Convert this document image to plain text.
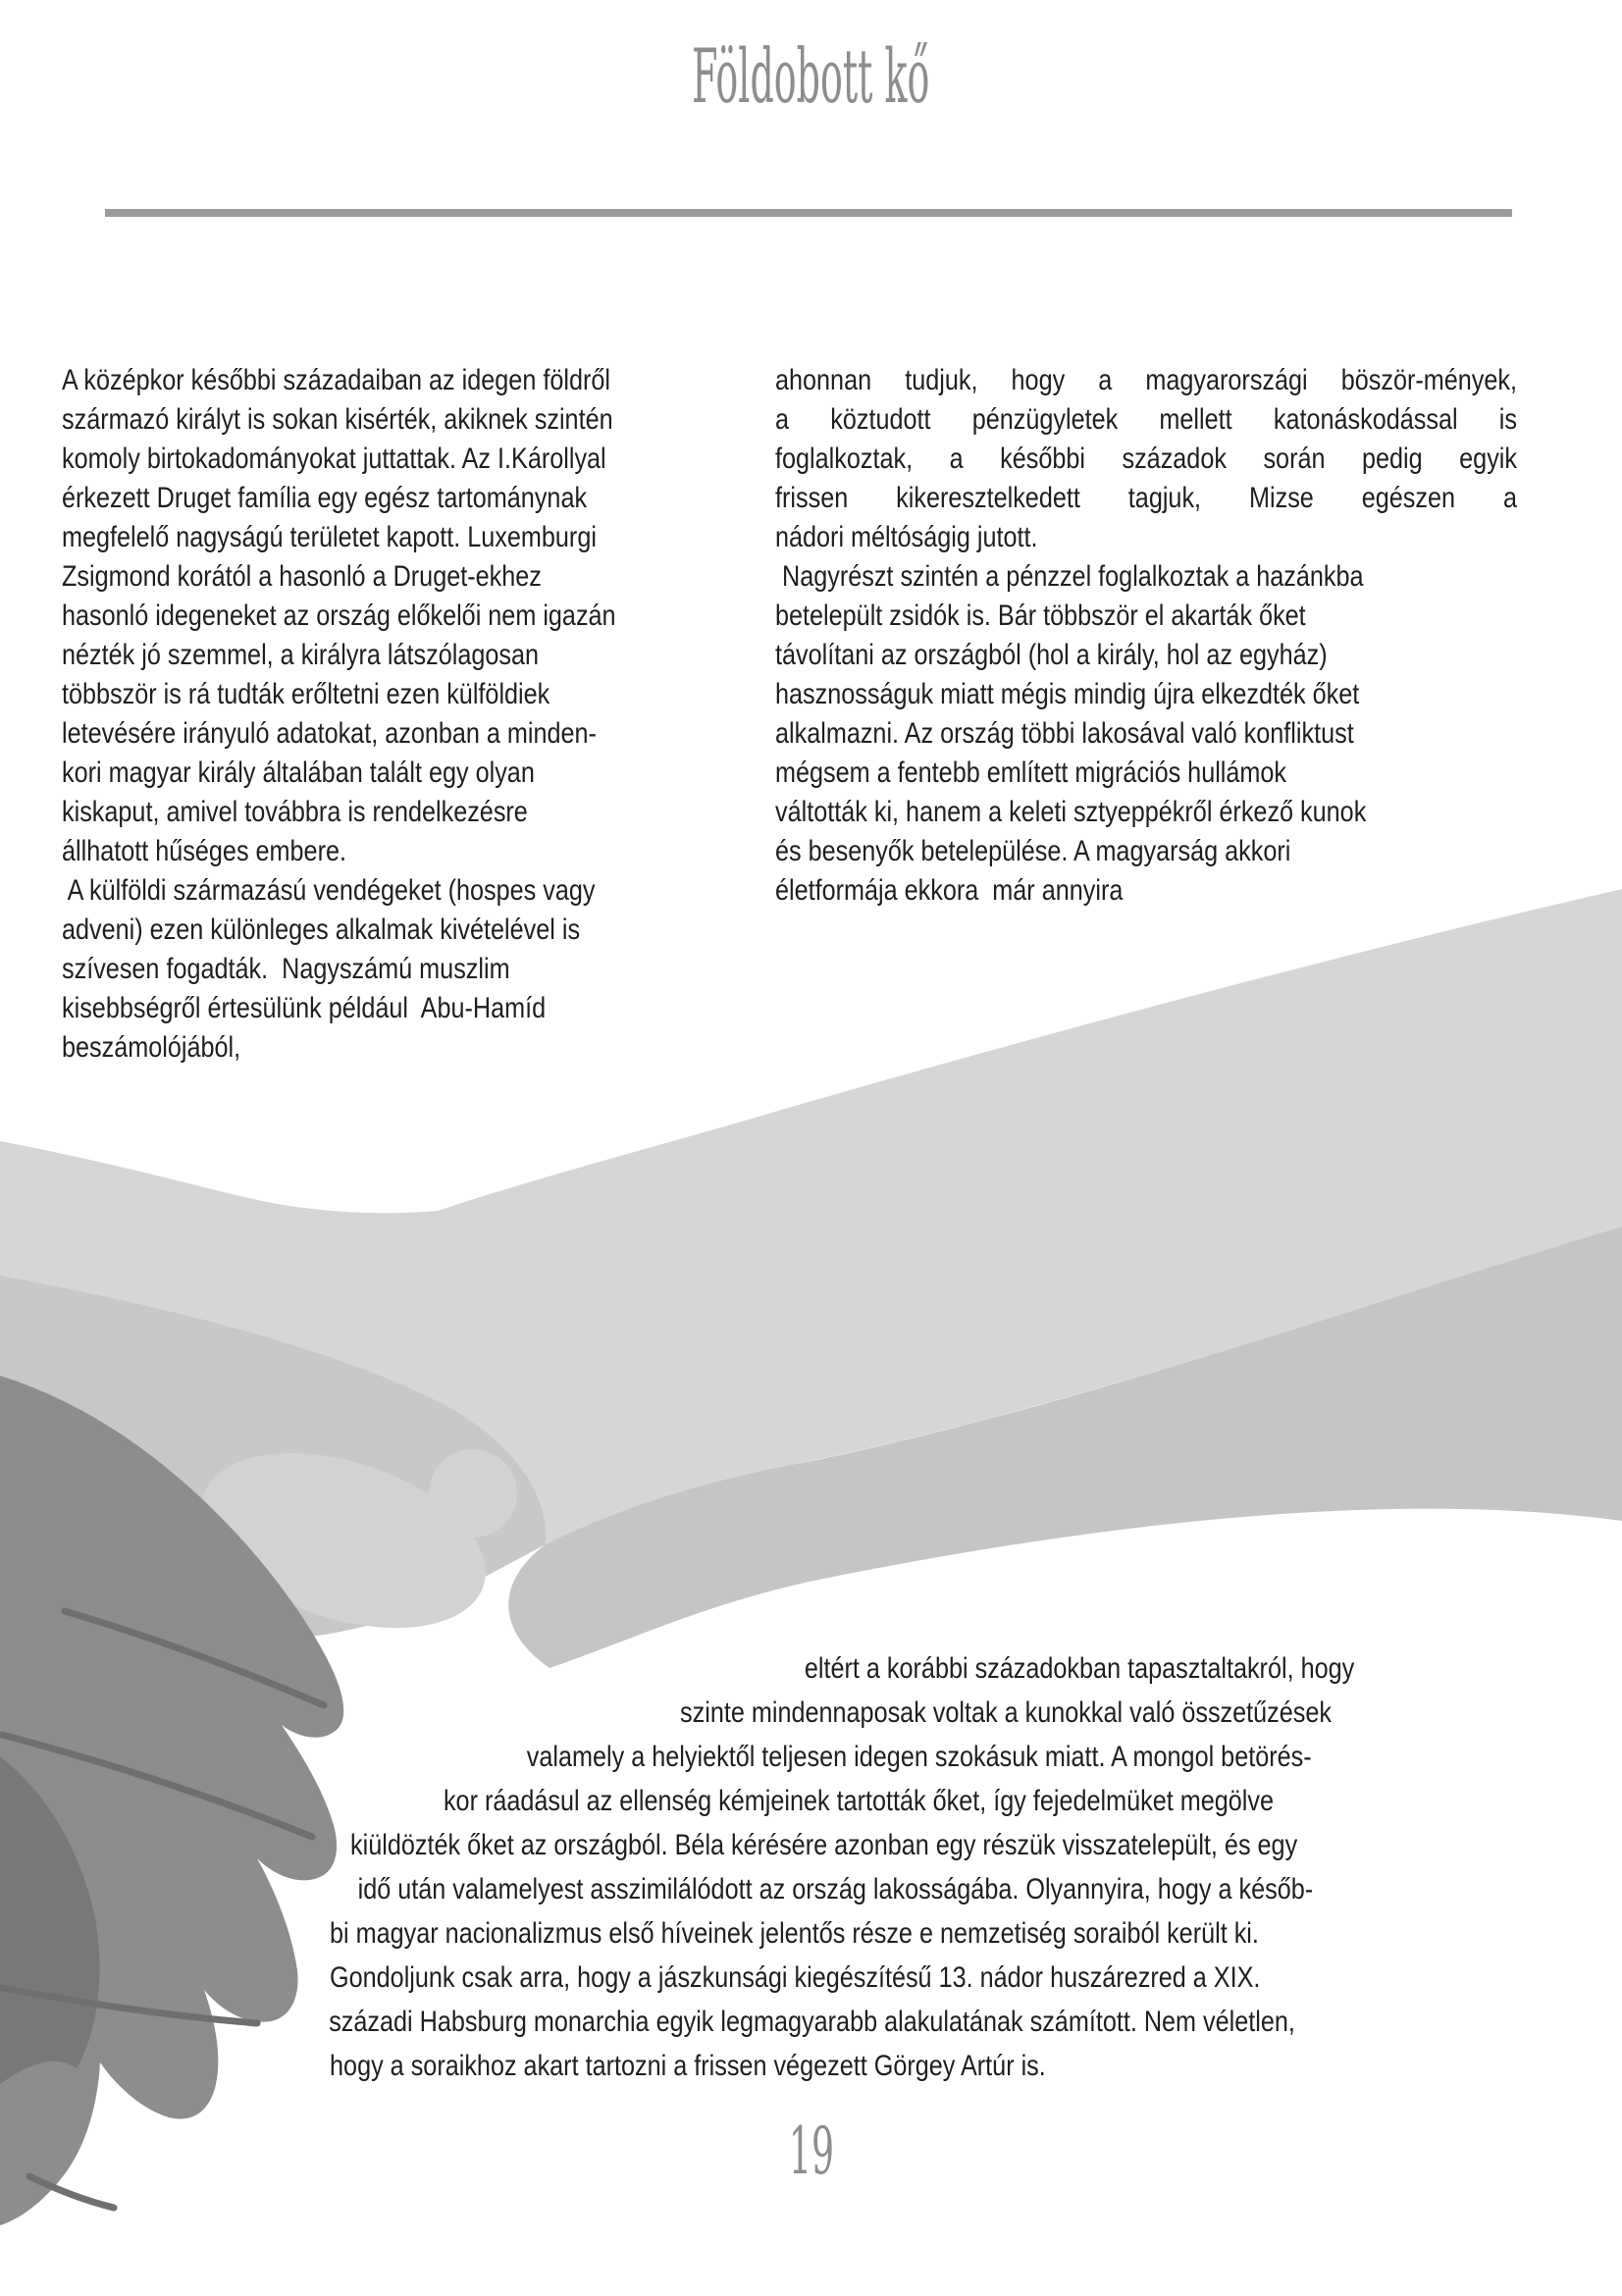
Földobott kő
A középkor későbbi századaiban az idegen földről
származó királyt is sokan kisérték, akiknek szintén
komoly birtokadományokat juttattak. Az I.Károllyal
érkezett Druget família egy egész tartománynak
megfelelő nagyságú területet kapott. Luxemburgi
Zsigmond korától a hasonló a Druget-ekhez
hasonló idegeneket az ország előkelői nem igazán
nézték jó szemmel, a királyra látszólagosan
többször is rá tudták erőltetni ezen külföldiek
letevésére irányuló adatokat, azonban a minden-
kori magyar király általában talált egy olyan
kiskaput, amivel továbbra is rendelkezésre
állhatott hűséges embere.
A külföldi származású vendégeket (hospes vagy
adveni) ezen különleges alkalmak kivételével is
szívesen fogadták.  Nagyszámú muszlim
kisebbségről értesülünk például  Abu-Hamíd
beszámolójából,
ahonnan tudjuk, hogy a magyarországi böször-mények,
a köztudott pénzügyletek mellett katonáskodással is
foglalkoztak, a későbbi századok során pedig egyik
frissen kikeresztelkedett tagjuk, Mizse egészen a
nádori méltóságig jutott.
Nagyrészt szintén a pénzzel foglalkoztak a hazánkba
betelepült zsidók is. Bár többször el akarták őket
távolítani az országból (hol a király, hol az egyház)
hasznosságuk miatt mégis mindig újra elkezdték őket
alkalmazni. Az ország többi lakosával való konfliktust
mégsem a fentebb említett migrációs hullámok
váltották ki, hanem a keleti sztyeppékről érkező kunok
és besenyők betelepülése. A magyarság akkori
életformája ekkora  már annyira
eltért a korábbi századokban tapasztaltakról, hogy
szinte mindennaposak voltak a kunokkal való összetűzések
valamely a helyiektől teljesen idegen szokásuk miatt. A mongol betörés-
kor ráadásul az ellenség kémjeinek tartották őket, így fejedelmüket megölve
kiüldözték őket az országból. Béla kérésére azonban egy részük visszatelepült, és egy
idő után valamelyest asszimilálódott az ország lakosságába. Olyannyira, hogy a későb-
bi magyar nacionalizmus első híveinek jelentős része e nemzetiség soraiból került ki.
Gondoljunk csak arra, hogy a jászkunsági kiegészítésű 13. nádor huszárezred a XIX.
századi Habsburg monarchia egyik legmagyarabb alakulatának számított. Nem véletlen,
hogy a soraikhoz akart tartozni a frissen végezett Görgey Artúr is.
19
